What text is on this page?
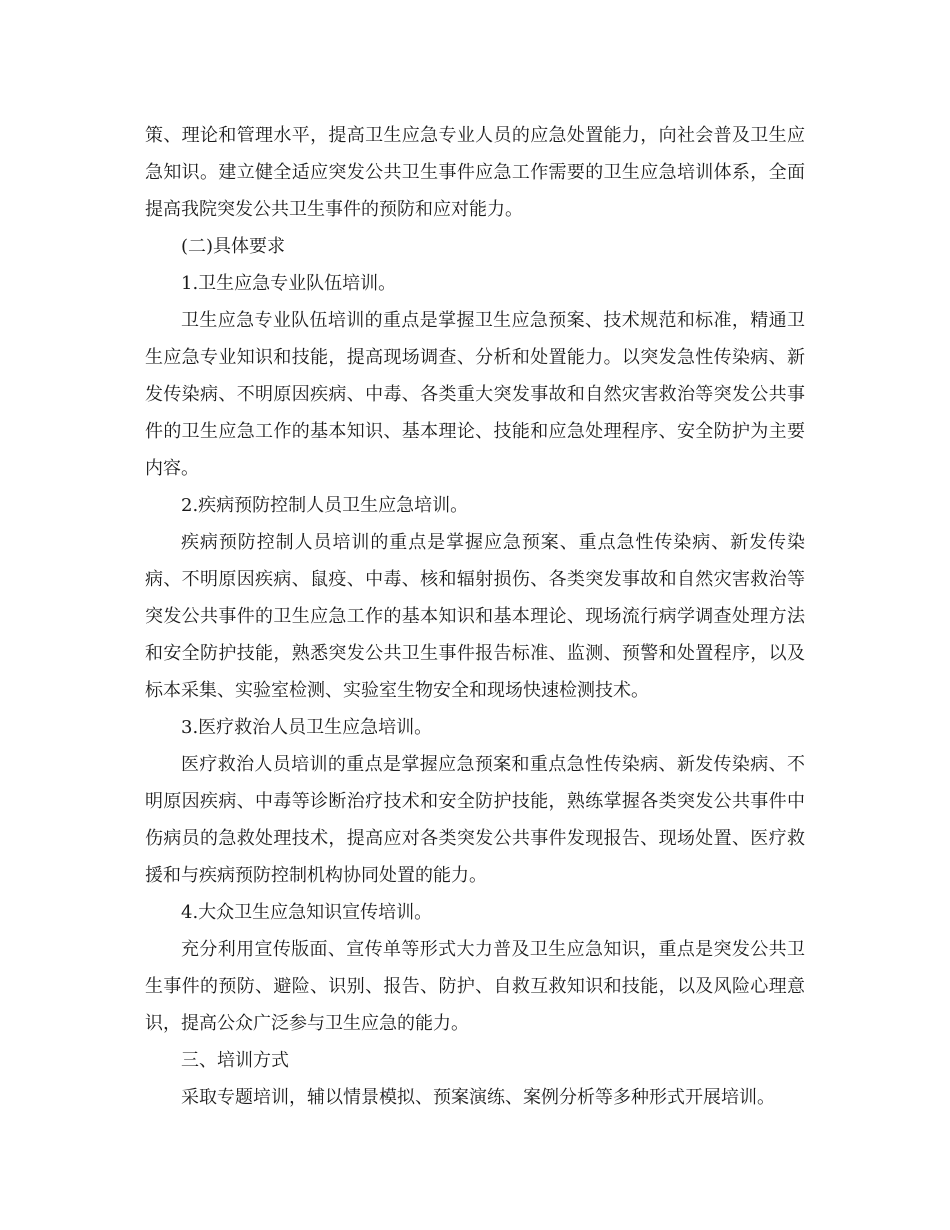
策、理论和管理水平，提高卫生应急专业人员的应急处置能力，向社会普及卫生应急知识。建立健全适应突发公共卫生事件应急工作需要的卫生应急培训体系，全面提高我院突发公共卫生事件的预防和应对能力。

(二)具体要求

1.卫生应急专业队伍培训。

卫生应急专业队伍培训的重点是掌握卫生应急预案、技术规范和标准，精通卫生应急专业知识和技能，提高现场调查、分析和处置能力。以突发急性传染病、新发传染病、不明原因疾病、中毒、各类重大突发事故和自然灾害救治等突发公共事件的卫生应急工作的基本知识、基本理论、技能和应急处理程序、安全防护为主要内容。

2.疾病预防控制人员卫生应急培训。

疾病预防控制人员培训的重点是掌握应急预案、重点急性传染病、新发传染病、不明原因疾病、鼠疫、中毒、核和辐射损伤、各类突发事故和自然灾害救治等突发公共事件的卫生应急工作的基本知识和基本理论、现场流行病学调查处理方法和安全防护技能，熟悉突发公共卫生事件报告标准、监测、预警和处置程序，以及标本采集、实验室检测、实验室生物安全和现场快速检测技术。

3.医疗救治人员卫生应急培训。

医疗救治人员培训的重点是掌握应急预案和重点急性传染病、新发传染病、不明原因疾病、中毒等诊断治疗技术和安全防护技能，熟练掌握各类突发公共事件中伤病员的急救处理技术，提高应对各类突发公共事件发现报告、现场处置、医疗救援和与疾病预防控制机构协同处置的能力。

4.大众卫生应急知识宣传培训。

充分利用宣传版面、宣传单等形式大力普及卫生应急知识，重点是突发公共卫生事件的预防、避险、识别、报告、防护、自救互救知识和技能，以及风险心理意识，提高公众广泛参与卫生应急的能力。

三、培训方式

采取专题培训，辅以情景模拟、预案演练、案例分析等多种形式开展培训。
